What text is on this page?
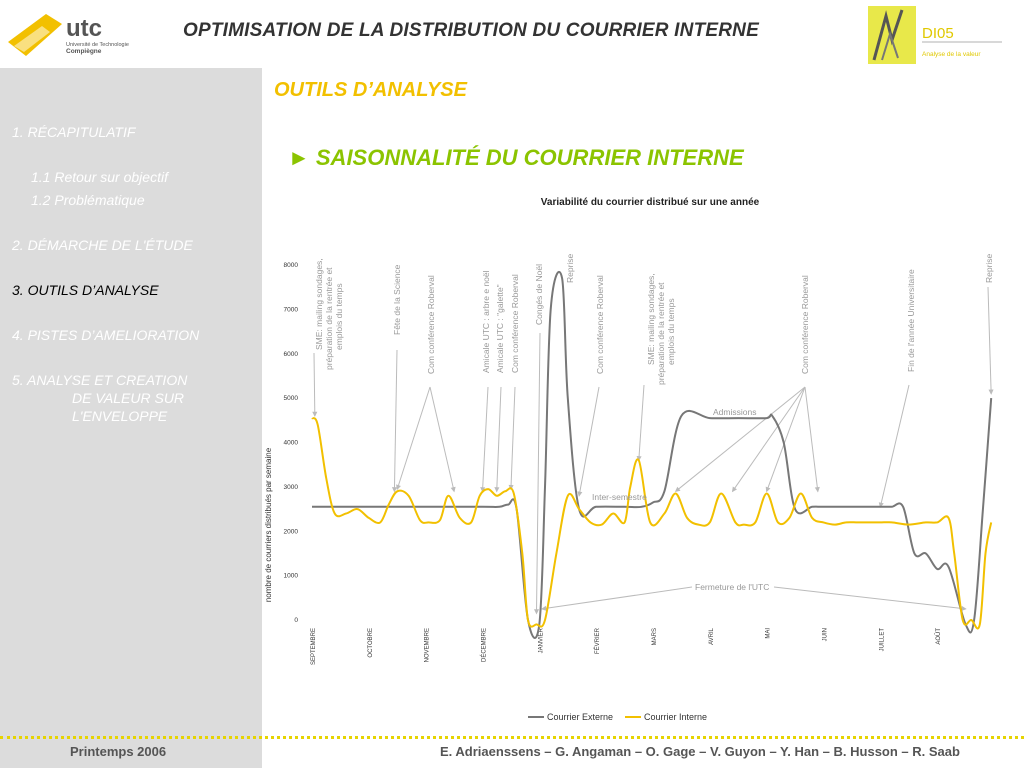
utc
Université de Technologie
Compiègne
OPTIMISATION DE LA DISTRIBUTION DU COURRIER INTERNE	DI05
Analyse de la valeur
1. RÉCAPITULATIF
1.1 Retour sur objectif
1.2 Problématique
2. DÉMARCHE DE L'ÉTUDE
3. OUTILS D’ANALYSE
4. PISTES D’AMELIORATION
5. ANALYSE ET CREATION
DE VALEUR SUR
L'ENVELOPPE
OUTILS D’ANALYSE
► SAISONNALITÉ DU COURRIER INTERNE
Variabilité du courrier distribué sur une année
nombre de courriers distribués par semaine
0
1000
2000
3000
4000
5000
6000
7000
8000
SEPTEMBRE	OCTOBRE	NOVEMBRE	DÉCEMBRE	JANVIER	FÉVRIER	MARS	AVRIL	MAI	JUIN	JUILLET	AOÛT
SME: mailing sondages, préparation de la rentrée et emplois du temps	Fête de la Science	Com conférence Roberval	Amicale UTC : arbre e noël Amicale UTC : "galette" Com conférence Roberval Congés de Noël Reprise
Com conférence Roberval	SME: mailing sondages, préparation de la rentrée et emplois du temps	Com conférence Roberval	Fin de l'année Universitaire
Reprise
Admissions
Inter-semestre
Fermeture de l'UTC
Courrier Externe	Courrier Interne
Printemps 2006	E. Adriaenssens – G. Angaman – O. Gage – V. Guyon – Y. Han – B. Husson – R. Saab
